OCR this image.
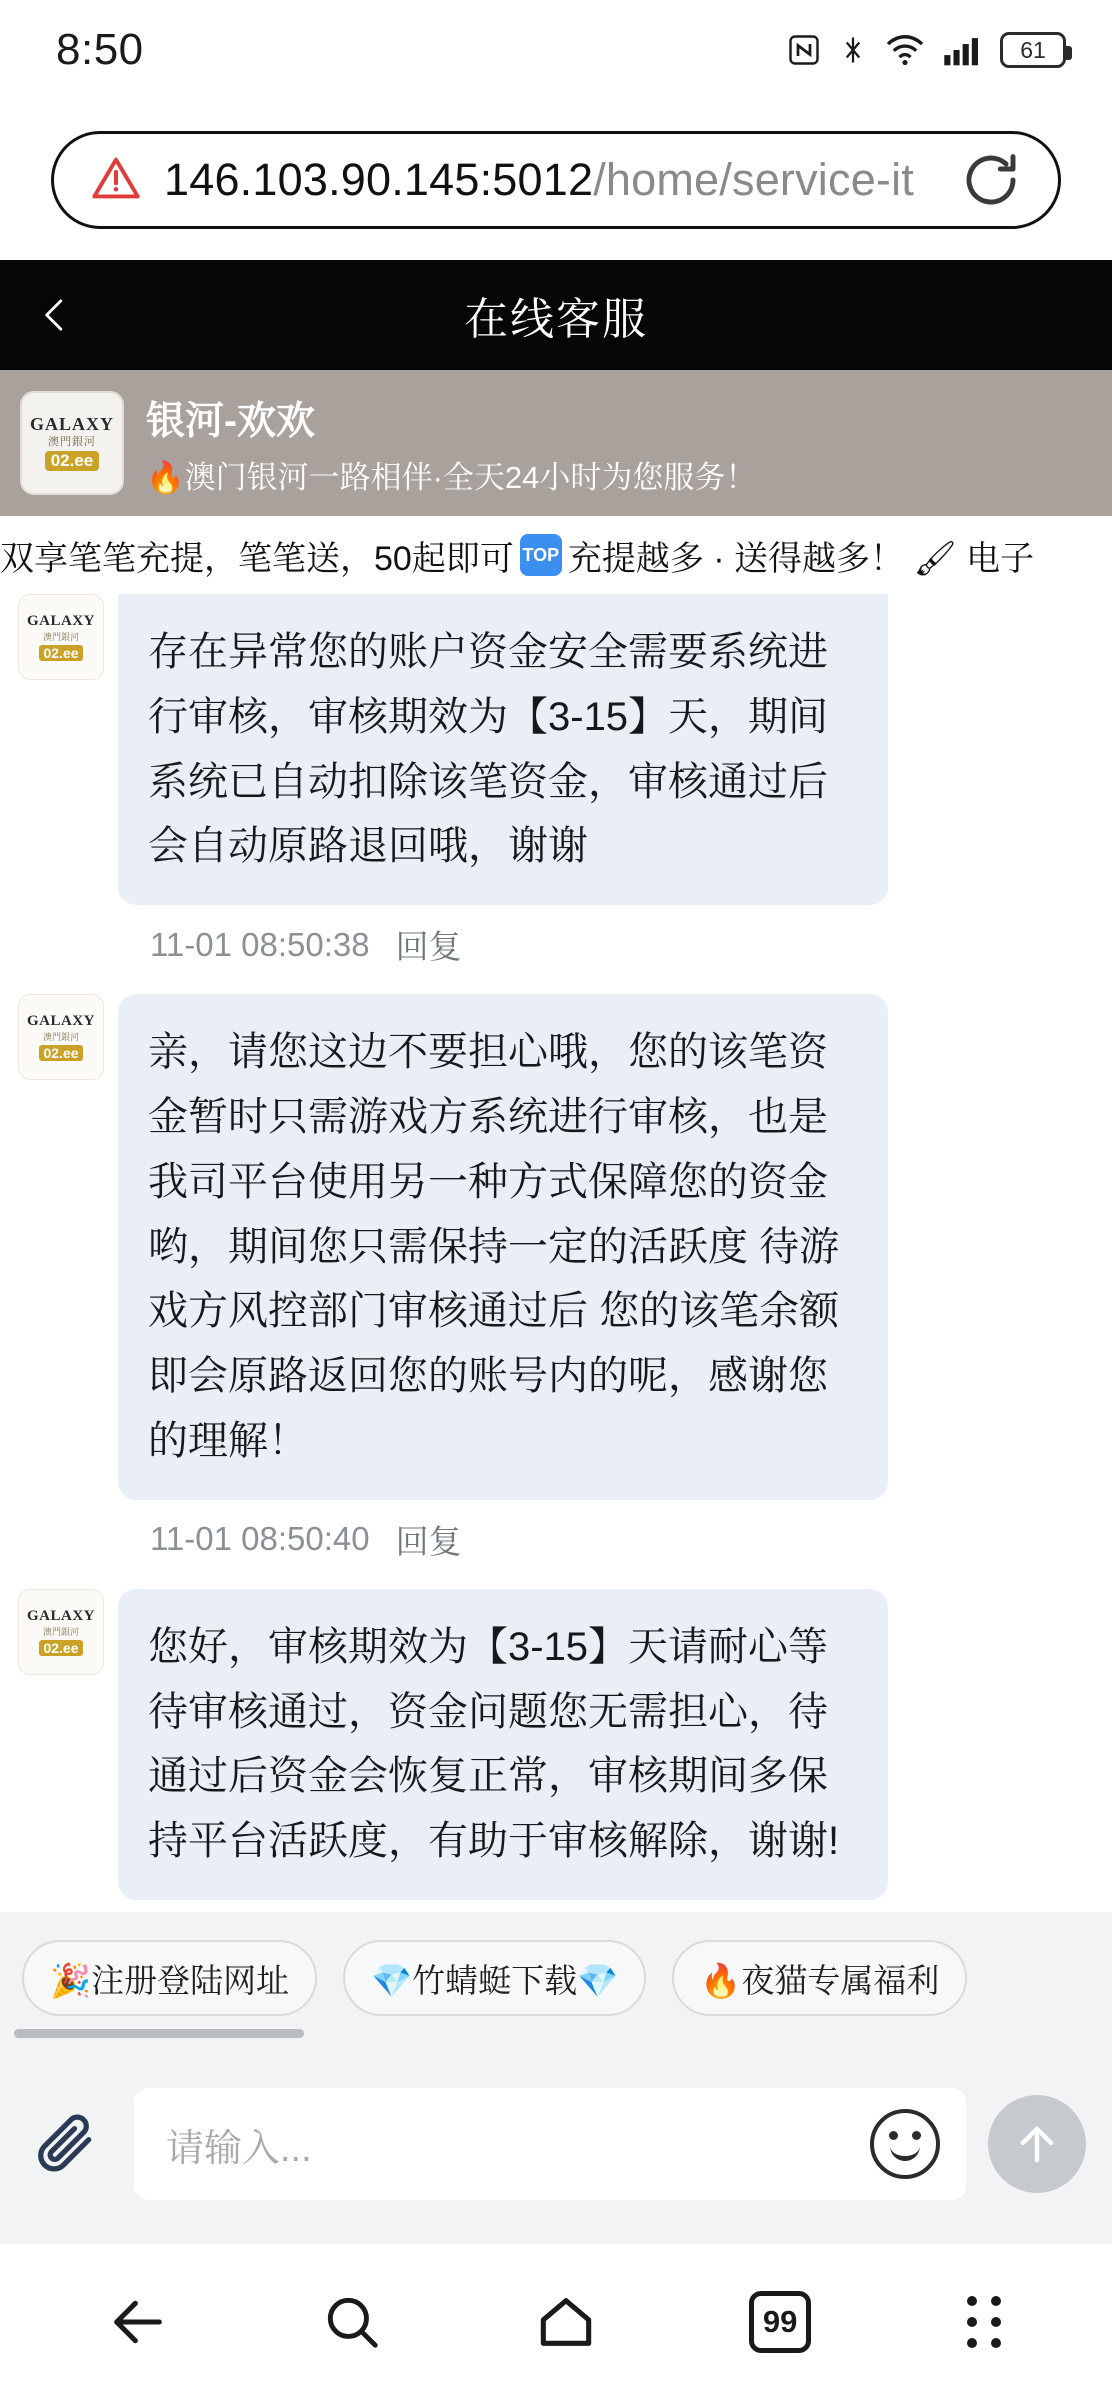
8:50	61
146.103.90.145:5012/home/service-it
在线客服
GALAXY
澳門銀河
02.ee
银河-欢欢
🔥澳门银河一路相伴·全天24小时为您服务！
双享笔笔充提，笔笔送，50起即可 TOP 充提越多 · 送得越多！ 🖌 电子
GALAXY
澳門銀河
02.ee	存在异常您的账户资金安全需要系统进行审核，审核期效为【3-15】天，期间系统已自动扣除该笔资金，审核通过后会自动原路退回哦，谢谢
11-01 08:50:38 回复
GALAXY
澳門銀河
02.ee	亲，请您这边不要担心哦，您的该笔资金暂时只需游戏方系统进行审核，也是我司平台使用另一种方式保障您的资金哟，期间您只需保持一定的活跃度 待游戏方风控部门审核通过后 您的该笔余额即会原路返回您的账号内的呢，感谢您的理解！
11-01 08:50:40 回复
GALAXY
澳門銀河
02.ee	您好，审核期效为【3-15】天请耐心等待审核通过，资金问题您无需担心，待通过后资金会恢复正常，审核期间多保持平台活跃度，有助于审核解除，谢谢!
🎉注册登陆网址	💎竹蜻蜓下载💎	🔥夜猫专属福利
请输入...
99
